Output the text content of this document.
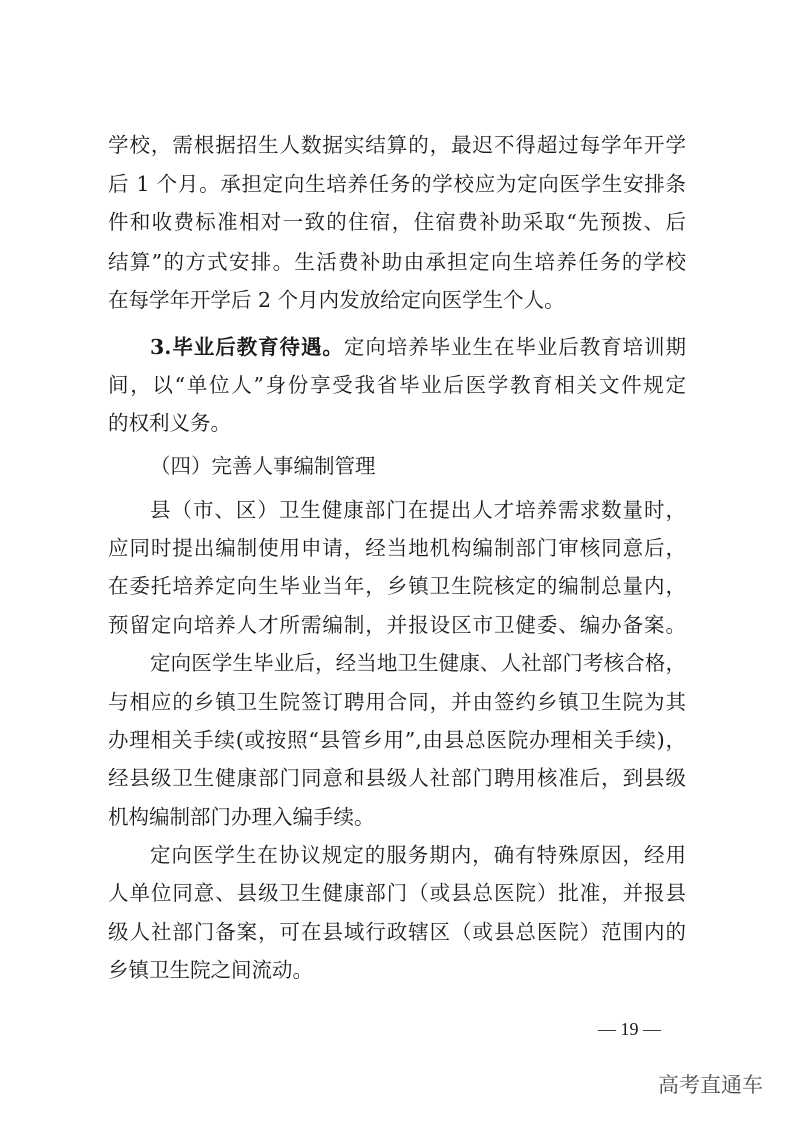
学校，需根据招生人数据实结算的，最迟不得超过每学年开学
后 1 个月。承担定向生培养任务的学校应为定向医学生安排条
件和收费标准相对一致的住宿，住宿费补助采取“先预拨、后
结算”的方式安排。生活费补助由承担定向生培养任务的学校
在每学年开学后 2 个月内发放给定向医学生个人。
3.毕业后教育待遇。定向培养毕业生在毕业后教育培训期
间，以“单位人”身份享受我省毕业后医学教育相关文件规定
的权利义务。
（四）完善人事编制管理
县（市、区）卫生健康部门在提出人才培养需求数量时，
应同时提出编制使用申请，经当地机构编制部门审核同意后，
在委托培养定向生毕业当年，乡镇卫生院核定的编制总量内，
预留定向培养人才所需编制，并报设区市卫健委、编办备案。
定向医学生毕业后，经当地卫生健康、人社部门考核合格，
与相应的乡镇卫生院签订聘用合同，并由签约乡镇卫生院为其
办理相关手续(或按照“县管乡用”,由县总医院办理相关手续)，
经县级卫生健康部门同意和县级人社部门聘用核准后，到县级
机构编制部门办理入编手续。
定向医学生在协议规定的服务期内，确有特殊原因，经用
人单位同意、县级卫生健康部门（或县总医院）批准，并报县
级人社部门备案，可在县域行政辖区（或县总医院）范围内的
乡镇卫生院之间流动。
— 19 —
高考直通车
